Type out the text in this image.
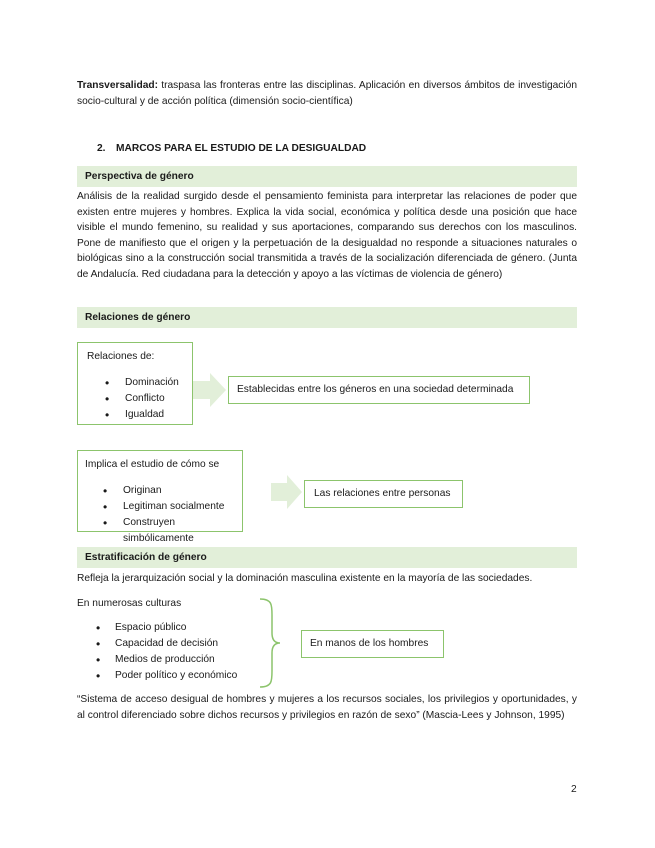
Transversalidad: traspasa las fronteras entre las disciplinas. Aplicación en diversos ámbitos de investigación socio-cultural y de acción política (dimensión socio-científica)

2. MARCOS PARA EL ESTUDIO DE LA DESIGUALDAD
Perspectiva de género

Análisis de la realidad surgido desde el pensamiento feminista para interpretar las relaciones de poder que existen entre mujeres y hombres. Explica la vida social, económica y política desde una posición que hace visible el mundo femenino, su realidad y sus aportaciones, comparando sus derechos con los masculinos. Pone de manifiesto que el origen y la perpetuación de la desigualdad no responde a situaciones naturales o biológicas sino a la construcción social transmitida a través de la socialización diferenciada de género. (Junta de Andalucía. Red ciudadana para la detección y apoyo a las víctimas de violencia de género)

Relaciones de género
Relaciones de:
• Dominación
• Conflicto
• Igualdad
Establecidas entre los géneros en una sociedad determinada
Implica el estudio de cómo se
• Originan
• Legitiman socialmente
• Construyen simbólicamente
Las relaciones entre personas
Estratificación de género

Refleja la jerarquización social y la dominación masculina existente en la mayoría de las sociedades.

En numerosas culturas
• Espacio público
• Capacidad de decisión
• Medios de producción
• Poder político y económico
En manos de los hombres

“Sistema de acceso desigual de hombres y mujeres a los recursos sociales, los privilegios y oportunidades, y al control diferenciado sobre dichos recursos y privilegios en razón de sexo” (Mascia-Lees y Johnson, 1995)

2
